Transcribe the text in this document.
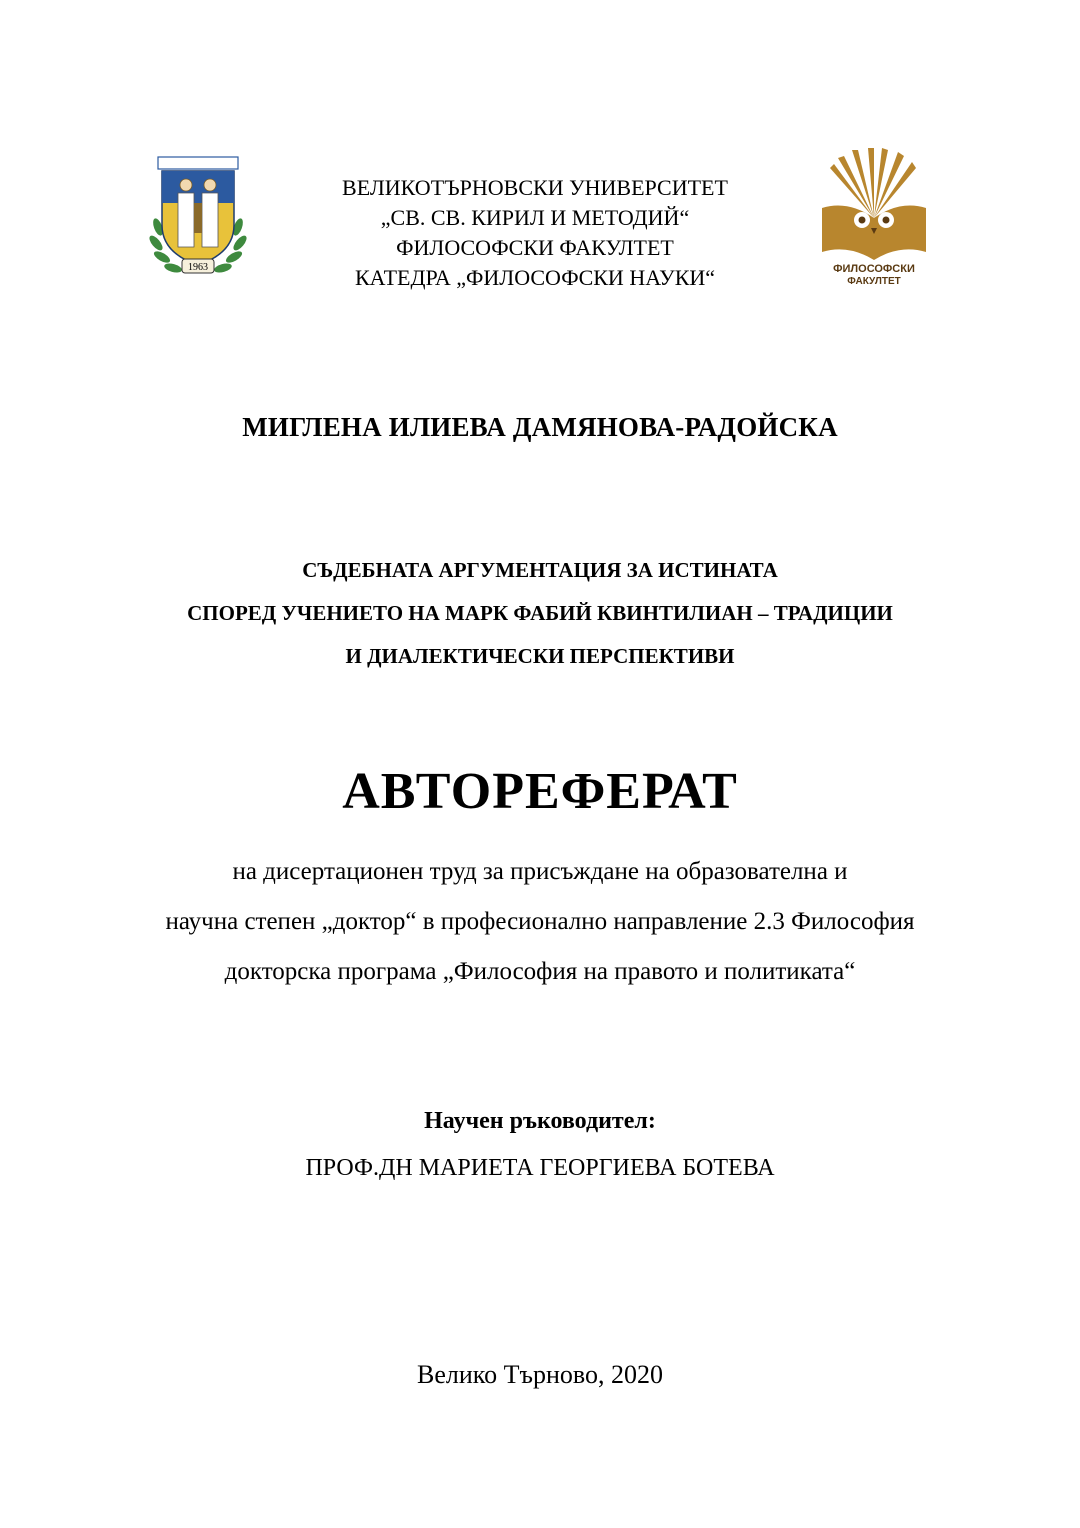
1963	ФИЛОСОФСКИ
ФАКУЛТЕТ
ВЕЛИКОТЪРНОВСКИ УНИВЕРСИТЕТ
„СВ. СВ. КИРИЛ И МЕТОДИЙ“
ФИЛОСОФСКИ ФАКУЛТЕТ
КАТЕДРА „ФИЛОСОФСКИ НАУКИ“
МИГЛЕНА ИЛИЕВА ДАМЯНОВА-РАДОЙСКА
СЪДЕБНАТА АРГУМЕНТАЦИЯ ЗА ИСТИНАТА
СПОРЕД УЧЕНИЕТО НА МАРК ФАБИЙ КВИНТИЛИАН – ТРАДИЦИИ
И ДИАЛЕКТИЧЕСКИ ПЕРСПЕКТИВИ
АВТОРЕФЕРАТ
на дисертационен труд за присъждане на образователна и
научна степен „доктор“ в професионално направление 2.3 Философия
докторска програма „Философия на правото и политиката“
Научен ръководител:
ПРОФ.ДН МАРИЕТА ГЕОРГИЕВА БОТЕВА
Велико Търново, 2020
